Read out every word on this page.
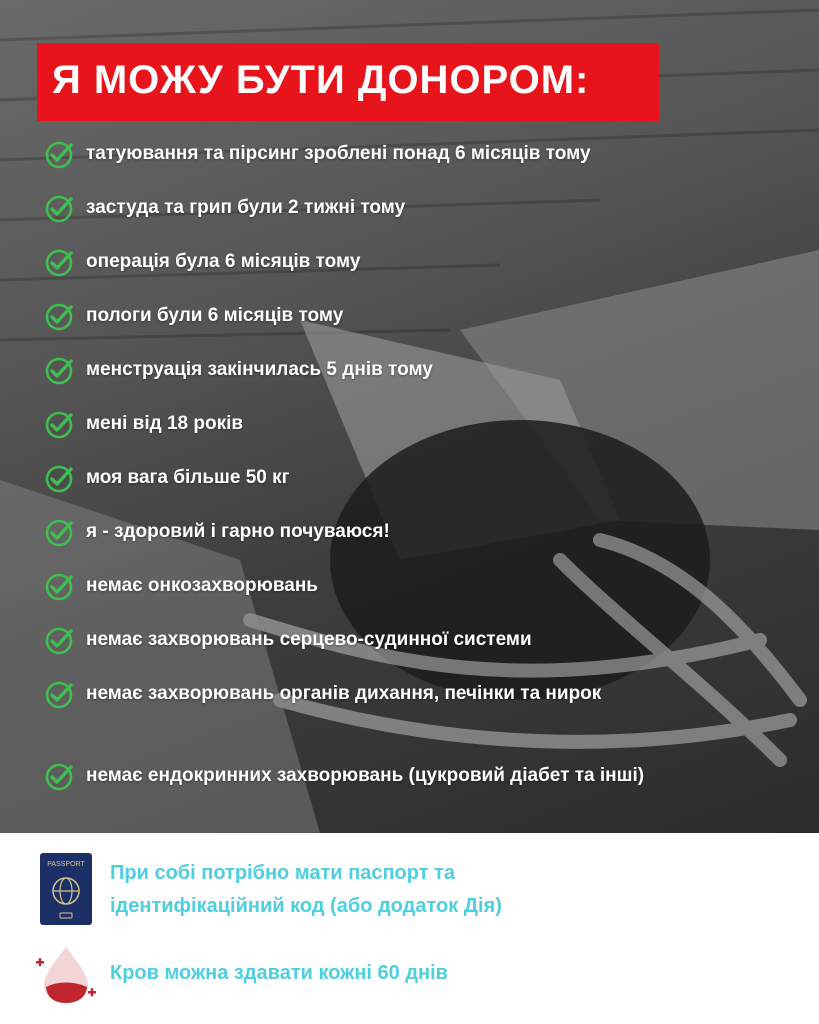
Я МОЖУ БУТИ ДОНОРОМ:
татуювання та пірсинг зроблені понад 6 місяців тому
застуда та грип були 2 тижні тому
операція була 6 місяців тому
пологи були 6 місяців тому
менструація закінчилась 5 днів тому
мені від 18 років
моя вага більше 50 кг
я - здоровий і гарно почуваюся!
немає онкозахворювань
немає захворювань серцево-судинної системи
немає захворювань органів дихання, печінки та нирок
немає ендокринних захворювань (цукровий діабет та інші)
PASSPORT При собі потрібно мати паспорт та
ідентифікаційний код (або додаток Дія)
Кров можна здавати кожні 60 днів
